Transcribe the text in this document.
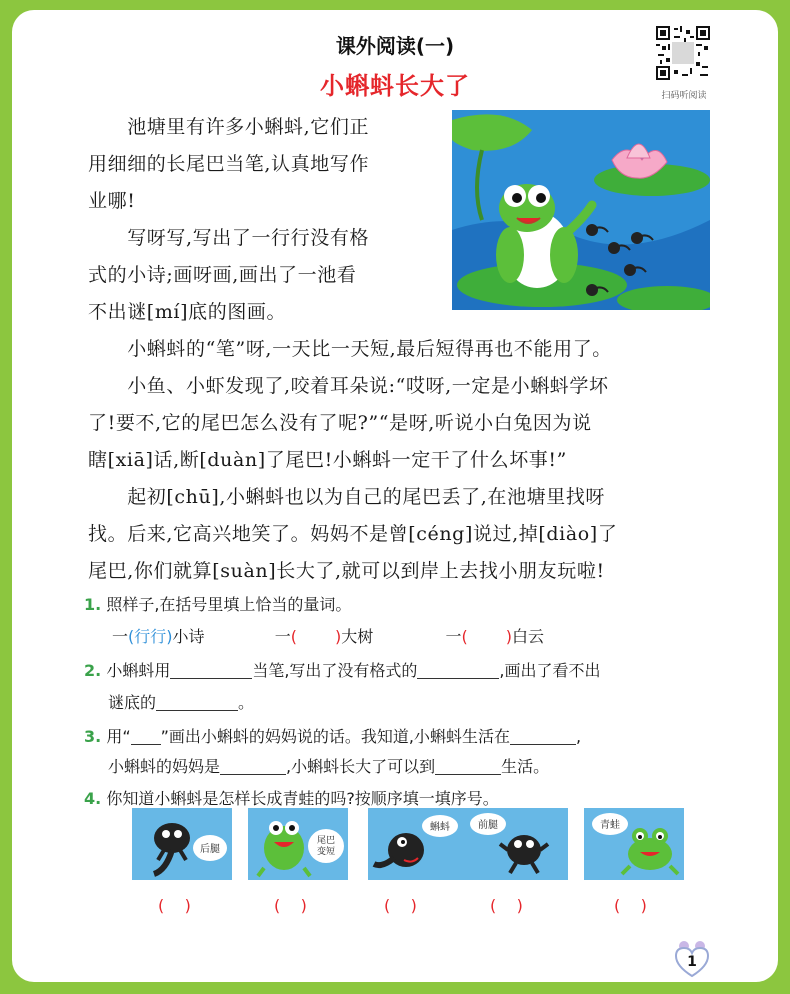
课外阅读(一)
小蝌蚪长大了	扫码听阅读
　　池塘里有许多小蝌蚪,它们正
用细细的长尾巴当笔,认真地写作
业哪!
　　写呀写,写出了一行行没有格
式的小诗;画呀画,画出了一池看
不出谜[mí]底的图画。
　　小蝌蚪的“笔”呀,一天比一天短,最后短得再也不能用了。
　　小鱼、小虾发现了,咬着耳朵说:“哎呀,一定是小蝌蚪学坏
了!要不,它的尾巴怎么没有了呢?”“是呀,听说小白兔因为说
瞎[xiā]话,断[duàn]了尾巴!小蝌蚪一定干了什么坏事!”
　　起初[chū],小蝌蚪也以为自己的尾巴丢了,在池塘里找呀
找。后来,它高兴地笑了。妈妈不是曾[céng]说过,掉[diào]了
尾巴,你们就算[suàn]长大了,就可以到岸上去找小朋友玩啦!
1. 照样子,在括号里填上恰当的量词。
一(行行)小诗	一( )大树	一( )白云
2. 小蝌蚪用	当笔,写出了没有格式的	,画出了看不出
谜底的	。
3. 用“ ”画出小蝌蚪的妈妈说的话。我知道,小蝌蚪生活在	,
小蝌蚪的妈妈是	,小蝌蚪长大了可以到	生活。
4. 你知道小蝌蚪是怎样长成青蛙的吗?按顺序填一填序号。
后腿
尾巴变短
蝌蚪	前腿	青蛙
(    )	(    )	(    )	(    )	(    )
1
